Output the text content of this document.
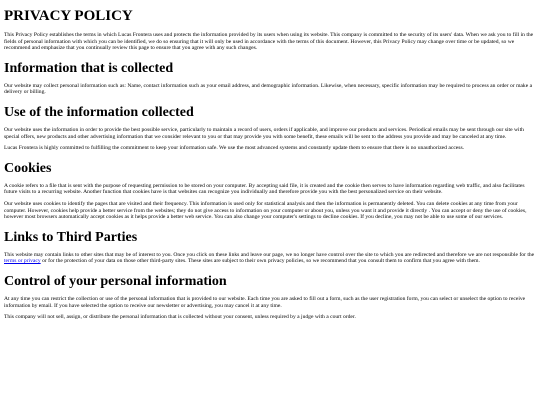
PRIVACY POLICY

This Privacy Policy establishes the terms in which Lucas Frontera uses and protects the information provided by its users when using its website. This company is committed to the security of its users' data. When we ask you to fill in the fields of personal information with which you can be identified, we do so ensuring that it will only be used in accordance with the terms of this document. However, this Privacy Policy may change over time or be updated, so we recommend and emphasize that you continually review this page to ensure that you agree with any such changes.

Information that is collected

Our website may collect personal information such as: Name, contact information such as your email address, and demographic information. Likewise, when necessary, specific information may be required to process an order or make a delivery or billing.

Use of the information collected

Our website uses the information in order to provide the best possible service, particularly to maintain a record of users, orders if applicable, and improve our products and services. Periodical emails may be sent through our site with special offers, new products and other advertising information that we consider relevant to you or that may provide you with some benefit, these emails will be sent to the address you provide and may be canceled at any time.

Lucas Frontera is highly committed to fulfilling the commitment to keep your information safe. We use the most advanced systems and constantly update them to ensure that there is no unauthorized access.

Cookies

A cookie refers to a file that is sent with the purpose of requesting permission to be stored on your computer. By accepting said file, it is created and the cookie then serves to have information regarding web traffic, and also facilitates future visits to a recurring website. Another function that cookies have is that websites can recognize you individually and therefore provide you with the best personalized service on their website.

Our website uses cookies to identify the pages that are visited and their frequency. This information is used only for statistical analysis and then the information is permanently deleted. You can delete cookies at any time from your computer. However, cookies help provide a better service from the websites; they do not give access to information on your computer or about you, unless you want it and provide it directly . You can accept or deny the use of cookies, however most browsers automatically accept cookies as it helps provide a better web service. You can also change your computer's settings to decline cookies. If you decline, you may not be able to use some of our services.

Links to Third Parties

This website may contain links to other sites that may be of interest to you. Once you click on these links and leave our page, we no longer have control over the site to which you are redirected and therefore we are not responsible for the terms or privacy or for the protection of your data on those other third-party sites. These sites are subject to their own privacy policies, so we recommend that you consult them to confirm that you agree with them.

Control of your personal information

At any time you can restrict the collection or use of the personal information that is provided to our website. Each time you are asked to fill out a form, such as the user registration form, you can select or unselect the option to receive information by email. If you have selected the option to receive our newsletter or advertising, you may cancel it at any time.

This company will not sell, assign, or distribute the personal information that is collected without your consent, unless required by a judge with a court order.
